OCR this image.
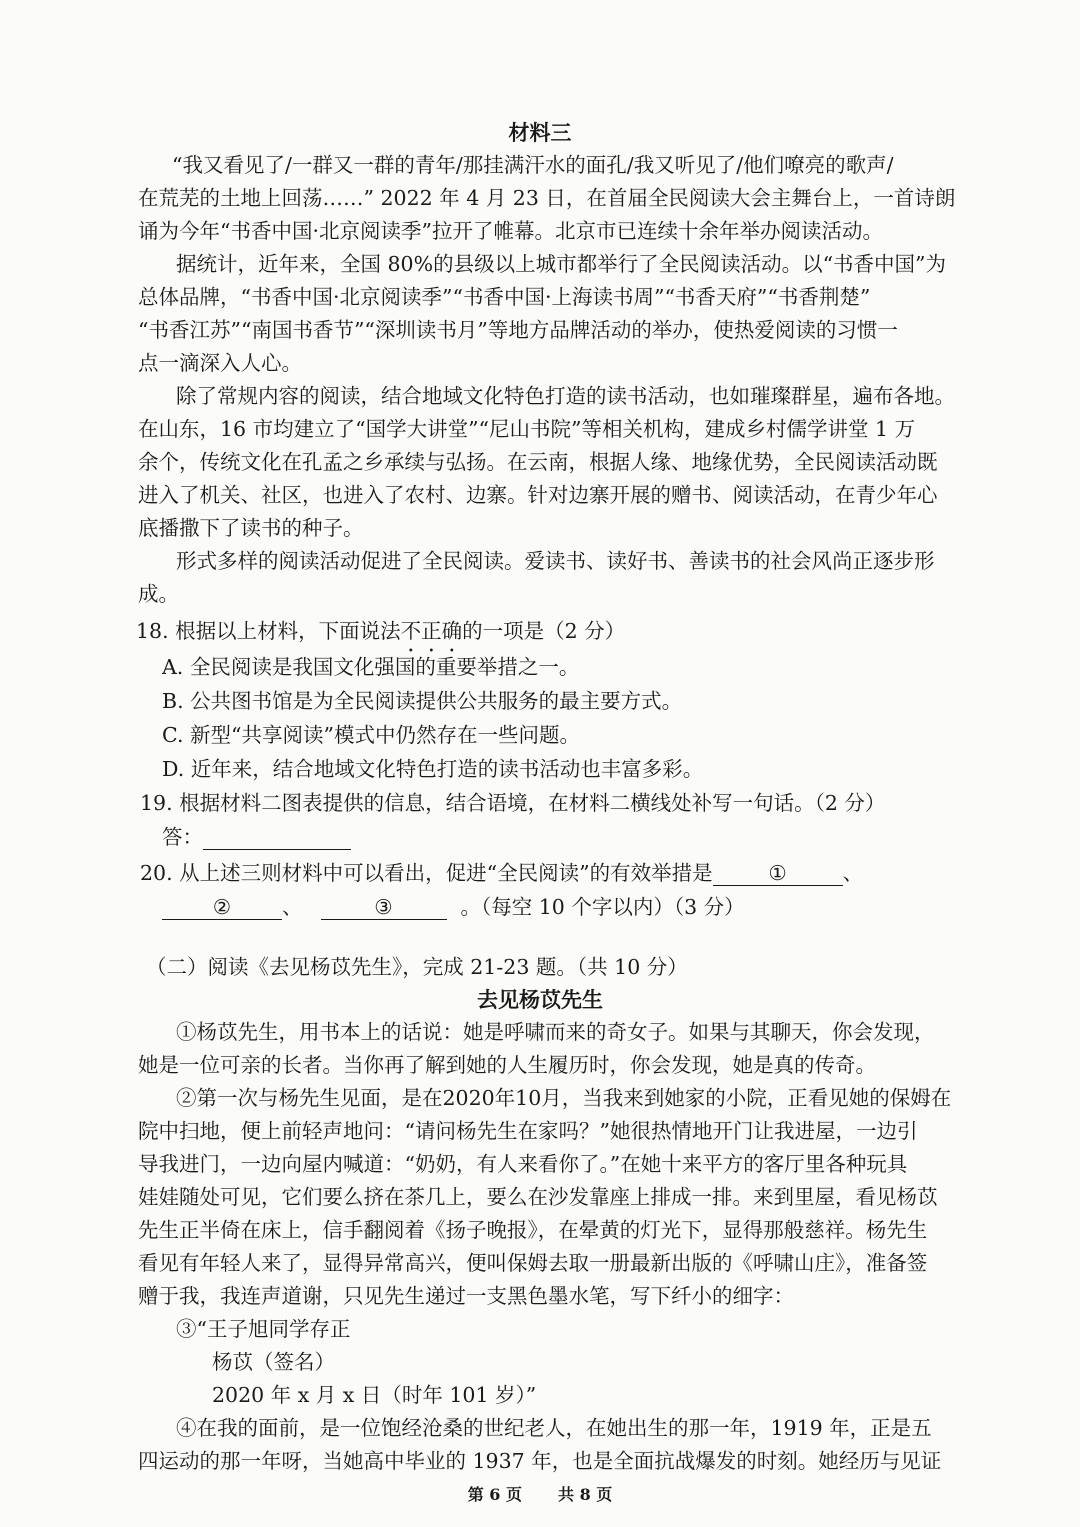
材料三
“我又看见了/一群又一群的青年/那挂满汗水的面孔/我又听见了/他们嘹亮的歌声/
在荒芜的土地上回荡……” 2022 年 4 月 23 日，在首届全民阅读大会主舞台上，一首诗朗
诵为今年“书香中国·北京阅读季”拉开了帷幕。北京市已连续十余年举办阅读活动。
据统计，近年来，全国 80%的县级以上城市都举行了全民阅读活动。以“书香中国”为
总体品牌，“书香中国·北京阅读季”“书香中国·上海读书周”“书香天府”“书香荆楚”
“书香江苏”“南国书香节”“深圳读书月”等地方品牌活动的举办，使热爱阅读的习惯一
点一滴深入人心。
除了常规内容的阅读，结合地域文化特色打造的读书活动，也如璀璨群星，遍布各地。
在山东，16 市均建立了“国学大讲堂”“尼山书院”等相关机构，建成乡村儒学讲堂 1 万
余个，传统文化在孔孟之乡承续与弘扬。在云南，根据人缘、地缘优势，全民阅读活动既
进入了机关、社区，也进入了农村、边寨。针对边寨开展的赠书、阅读活动，在青少年心
底播撒下了读书的种子。
形式多样的阅读活动促进了全民阅读。爱读书、读好书、善读书的社会风尚正逐步形
成。
18. 根据以上材料，下面说法不正确的一项是（2 分）
A. 全民阅读是我国文化强国的重要举措之一。
B. 公共图书馆是为全民阅读提供公共服务的最主要方式。
C. 新型“共享阅读”模式中仍然存在一些问题。
D. 近年来，结合地域文化特色打造的读书活动也丰富多彩。
19. 根据材料二图表提供的信息，结合语境，在材料二横线处补写一句话。（2 分）
答：
20. 从上述三则材料中可以看出，促进“全民阅读”的有效举措是	①	、
② 、	③	。（每空 10 个字以内）（3 分）
（二）阅读《去见杨苡先生》，完成 21-23 题。（共 10 分）
去见杨苡先生
①杨苡先生，用书本上的话说：她是呼啸而来的奇女子。如果与其聊天，你会发现，
她是一位可亲的长者。当你再了解到她的人生履历时，你会发现，她是真的传奇。
②第一次与杨先生见面，是在2020年10月，当我来到她家的小院，正看见她的保姆在
院中扫地，便上前轻声地问：“请问杨先生在家吗？”她很热情地开门让我进屋，一边引
导我进门，一边向屋内喊道：“奶奶，有人来看你了。”在她十来平方的客厅里各种玩具
娃娃随处可见，它们要么挤在茶几上，要么在沙发靠座上排成一排。来到里屋，看见杨苡
先生正半倚在床上，信手翻阅着《扬子晚报》，在晕黄的灯光下，显得那般慈祥。杨先生
看见有年轻人来了，显得异常高兴，便叫保姆去取一册最新出版的《呼啸山庄》，准备签
赠于我，我连声道谢，只见先生递过一支黑色墨水笔，写下纤小的细字：
③“王子旭同学存正
杨苡（签名）
2020 年 x 月 x 日（时年 101 岁）”
④在我的面前，是一位饱经沧桑的世纪老人，在她出生的那一年，1919 年，正是五
四运动的那一年呀，当她高中毕业的 1937 年，也是全面抗战爆发的时刻。她经历与见证
第 6 页 共 8 页
